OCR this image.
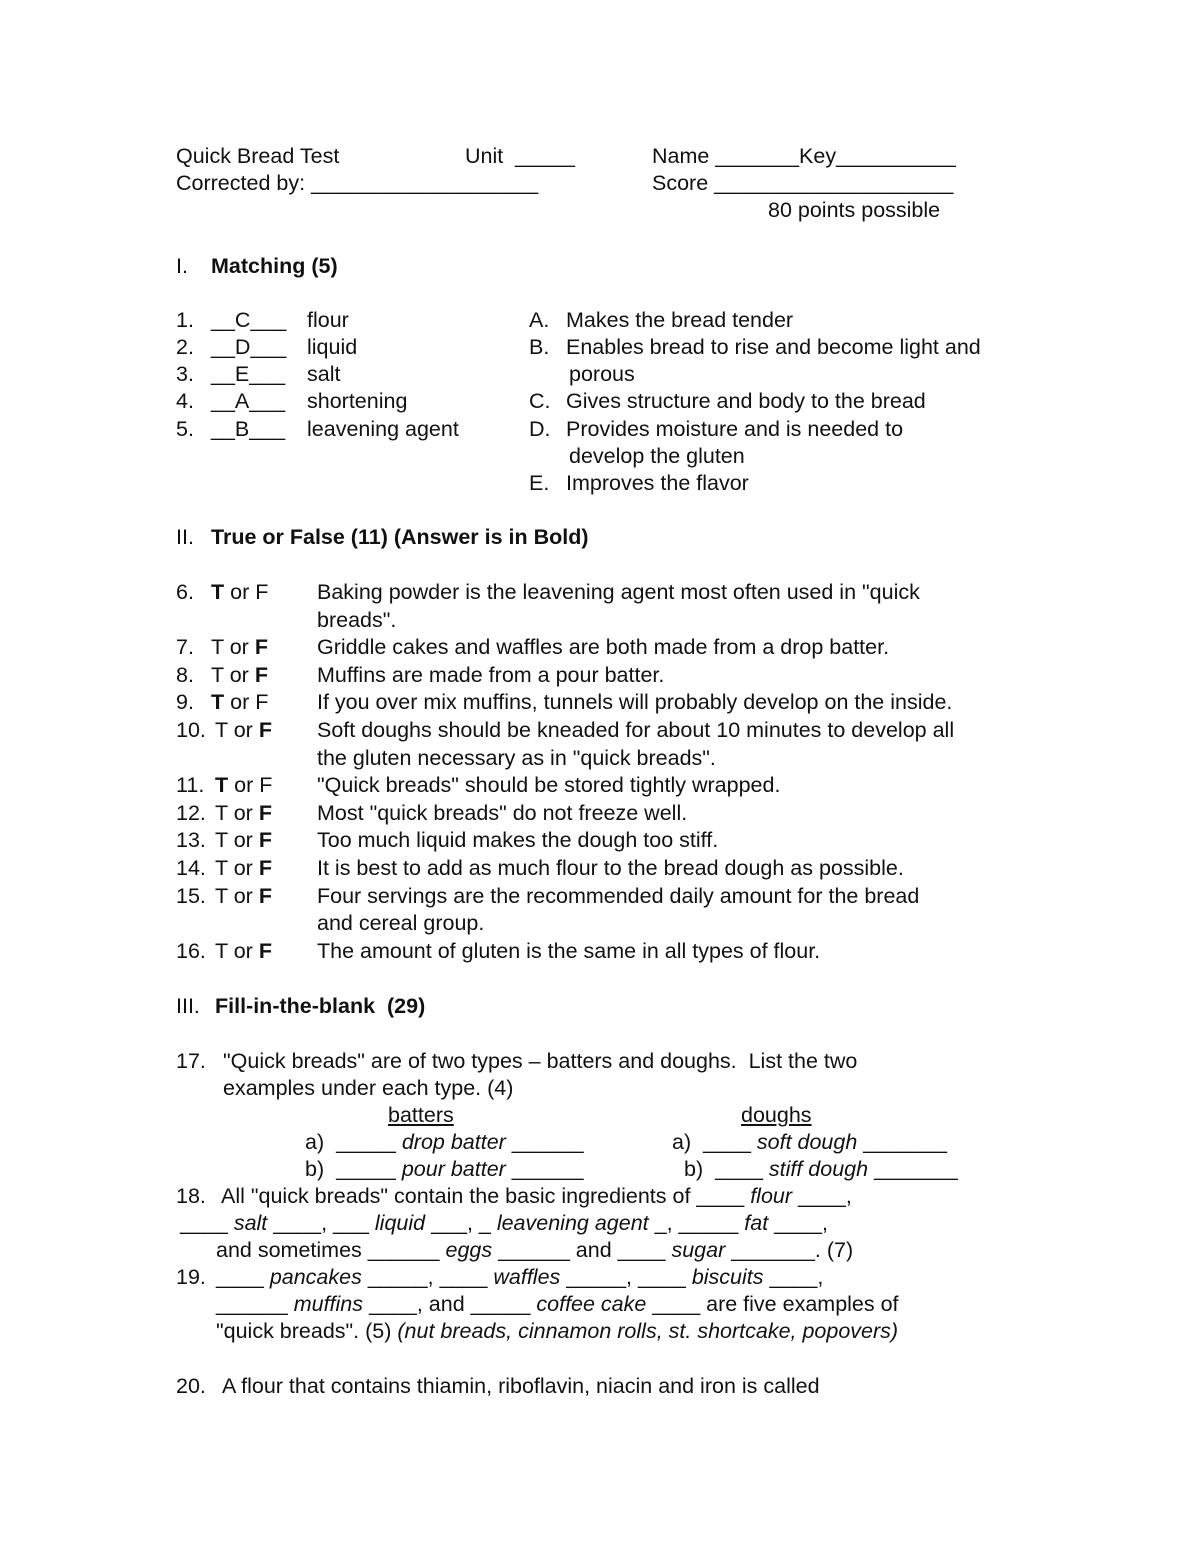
Quick Bread Test	Unit  _____	Name _______Key__________
Corrected by: ___________________	Score ____________________
80 points possible
I. Matching (5)
1. __C___ flour
2. __D___ liquid
3. __E___ salt
4. __A___ shortening
5. __B___ leavening agent
A. Makes the bread tender
B. Enables bread to rise and become light and
porous
C. Gives structure and body to the bread
D. Provides moisture and is needed to
develop the gluten
E. Improves the flavor
II. True or False (11) (Answer is in Bold)
6. T or F Baking powder is the leavening agent most often used in "quick
breads".
7. T or F Griddle cakes and waffles are both made from a drop batter.
8. T or F Muffins are made from a pour batter.
9. T or F If you over mix muffins, tunnels will probably develop on the inside.
10. T or F Soft doughs should be kneaded for about 10 minutes to develop all
the gluten necessary as in "quick breads".
11. T or F "Quick breads" should be stored tightly wrapped.
12. T or F Most "quick breads" do not freeze well.
13. T or F Too much liquid makes the dough too stiff.
14. T or F It is best to add as much flour to the bread dough as possible.
15. T or F Four servings are the recommended daily amount for the bread
and cereal group.
16. T or F The amount of gluten is the same in all types of flour.
III. Fill-in-the-blank  (29)
17. "Quick breads" are of two types – batters and doughs.  List the two
examples under each type. (4)
batters	doughs
a) _____ drop batter ______	a) ____ soft dough _______
b) _____ pour batter ______	b) ____ stiff dough _______
18. All "quick breads" contain the basic ingredients of ____ flour ____,
____ salt ____, ___ liquid ___, _ leavening agent _, _____ fat ____,
and sometimes ______ eggs ______ and ____ sugar _______. (7)
19. ____ pancakes _____, ____ waffles _____, ____ biscuits ____,
______ muffins ____, and _____ coffee cake ____ are five examples of
"quick breads". (5) (nut breads, cinnamon rolls, st. shortcake, popovers)
20. A flour that contains thiamin, riboflavin, niacin and iron is called
